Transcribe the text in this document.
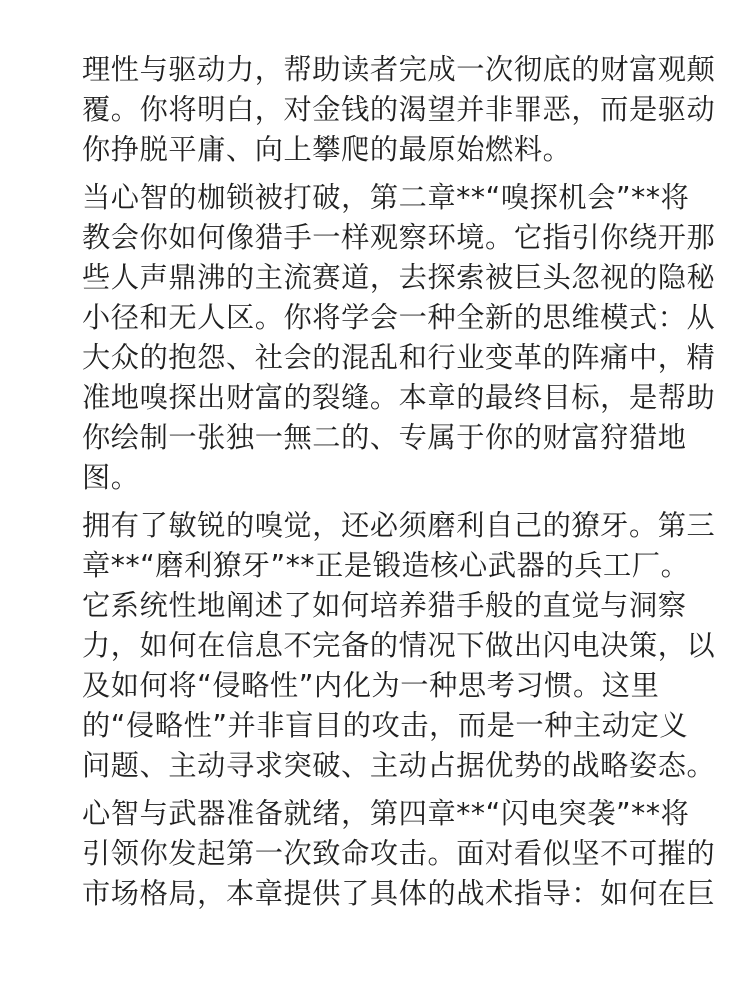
理性与驱动力，帮助读者完成一次彻底的财富观颠
覆。你将明白，对金钱的渴望并非罪恶，而是驱动
你挣脱平庸、向上攀爬的最原始燃料。
当心智的枷锁被打破，第二章**“嗅探机会”**将
教会你如何像猎手一样观察环境。它指引你绕开那
些人声鼎沸的主流赛道，去探索被巨头忽视的隐秘
小径和无人区。你将学会一种全新的思维模式：从
大众的抱怨、社会的混乱和行业变革的阵痛中，精
准地嗅探出财富的裂缝。本章的最终目标，是帮助
你绘制一张独一無二的、专属于你的财富狩猎地
图。
拥有了敏锐的嗅觉，还必须磨利自己的獠牙。第三
章**“磨利獠牙”**正是锻造核心武器的兵工厂。
它系统性地阐述了如何培养猎手般的直觉与洞察
力，如何在信息不完备的情况下做出闪电决策，以
及如何将“侵略性”内化为一种思考习惯。这里
的“侵略性”并非盲目的攻击，而是一种主动定义
问题、主动寻求突破、主动占据优势的战略姿态。
心智与武器准备就绪，第四章**“闪电突袭”**将
引领你发起第一次致命攻击。面对看似坚不可摧的
市场格局，本章提供了具体的战术指导：如何在巨
